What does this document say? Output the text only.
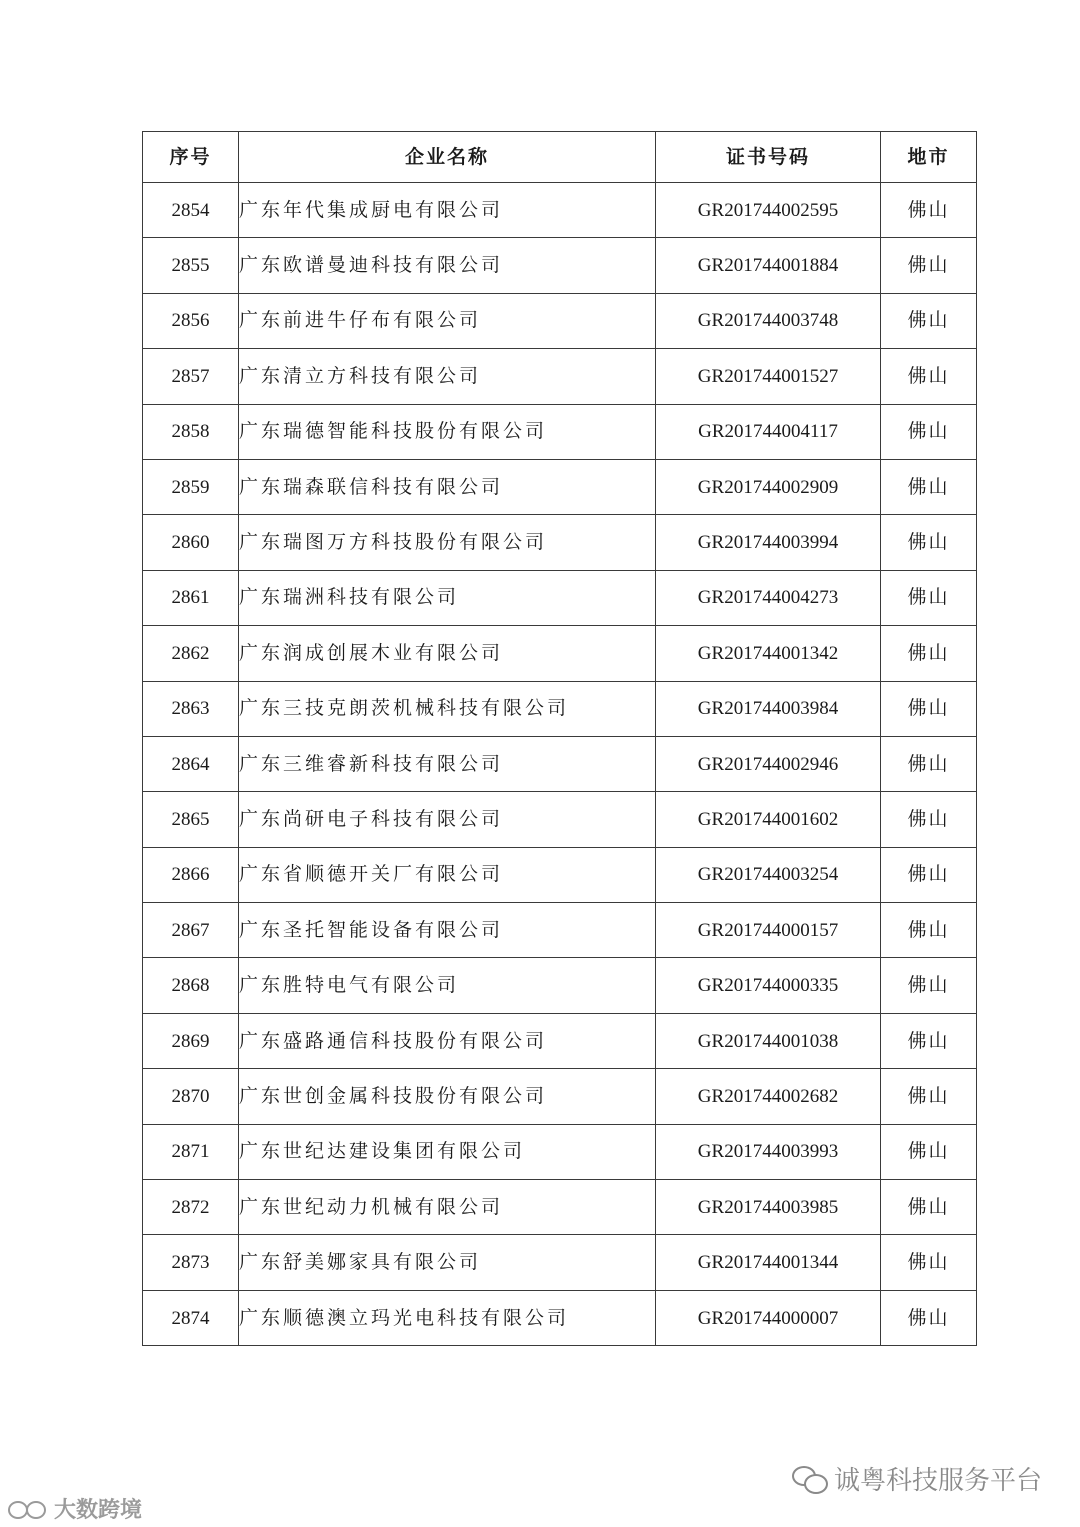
序号	企业名称	证书号码	地市
2854	广东年代集成厨电有限公司	GR201744002595	佛山
2855	广东欧谱曼迪科技有限公司	GR201744001884	佛山
2856	广东前进牛仔布有限公司	GR201744003748	佛山
2857	广东清立方科技有限公司	GR201744001527	佛山
2858	广东瑞德智能科技股份有限公司	GR201744004117	佛山
2859	广东瑞森联信科技有限公司	GR201744002909	佛山
2860	广东瑞图万方科技股份有限公司	GR201744003994	佛山
2861	广东瑞洲科技有限公司	GR201744004273	佛山
2862	广东润成创展木业有限公司	GR201744001342	佛山
2863	广东三技克朗茨机械科技有限公司	GR201744003984	佛山
2864	广东三维睿新科技有限公司	GR201744002946	佛山
2865	广东尚研电子科技有限公司	GR201744001602	佛山
2866	广东省顺德开关厂有限公司	GR201744003254	佛山
2867	广东圣托智能设备有限公司	GR201744000157	佛山
2868	广东胜特电气有限公司	GR201744000335	佛山
2869	广东盛路通信科技股份有限公司	GR201744001038	佛山
2870	广东世创金属科技股份有限公司	GR201744002682	佛山
2871	广东世纪达建设集团有限公司	GR201744003993	佛山
2872	广东世纪动力机械有限公司	GR201744003985	佛山
2873	广东舒美娜家具有限公司	GR201744001344	佛山
2874	广东顺德澳立玛光电科技有限公司	GR201744000007	佛山
诚粤科技服务平台
大数跨境
